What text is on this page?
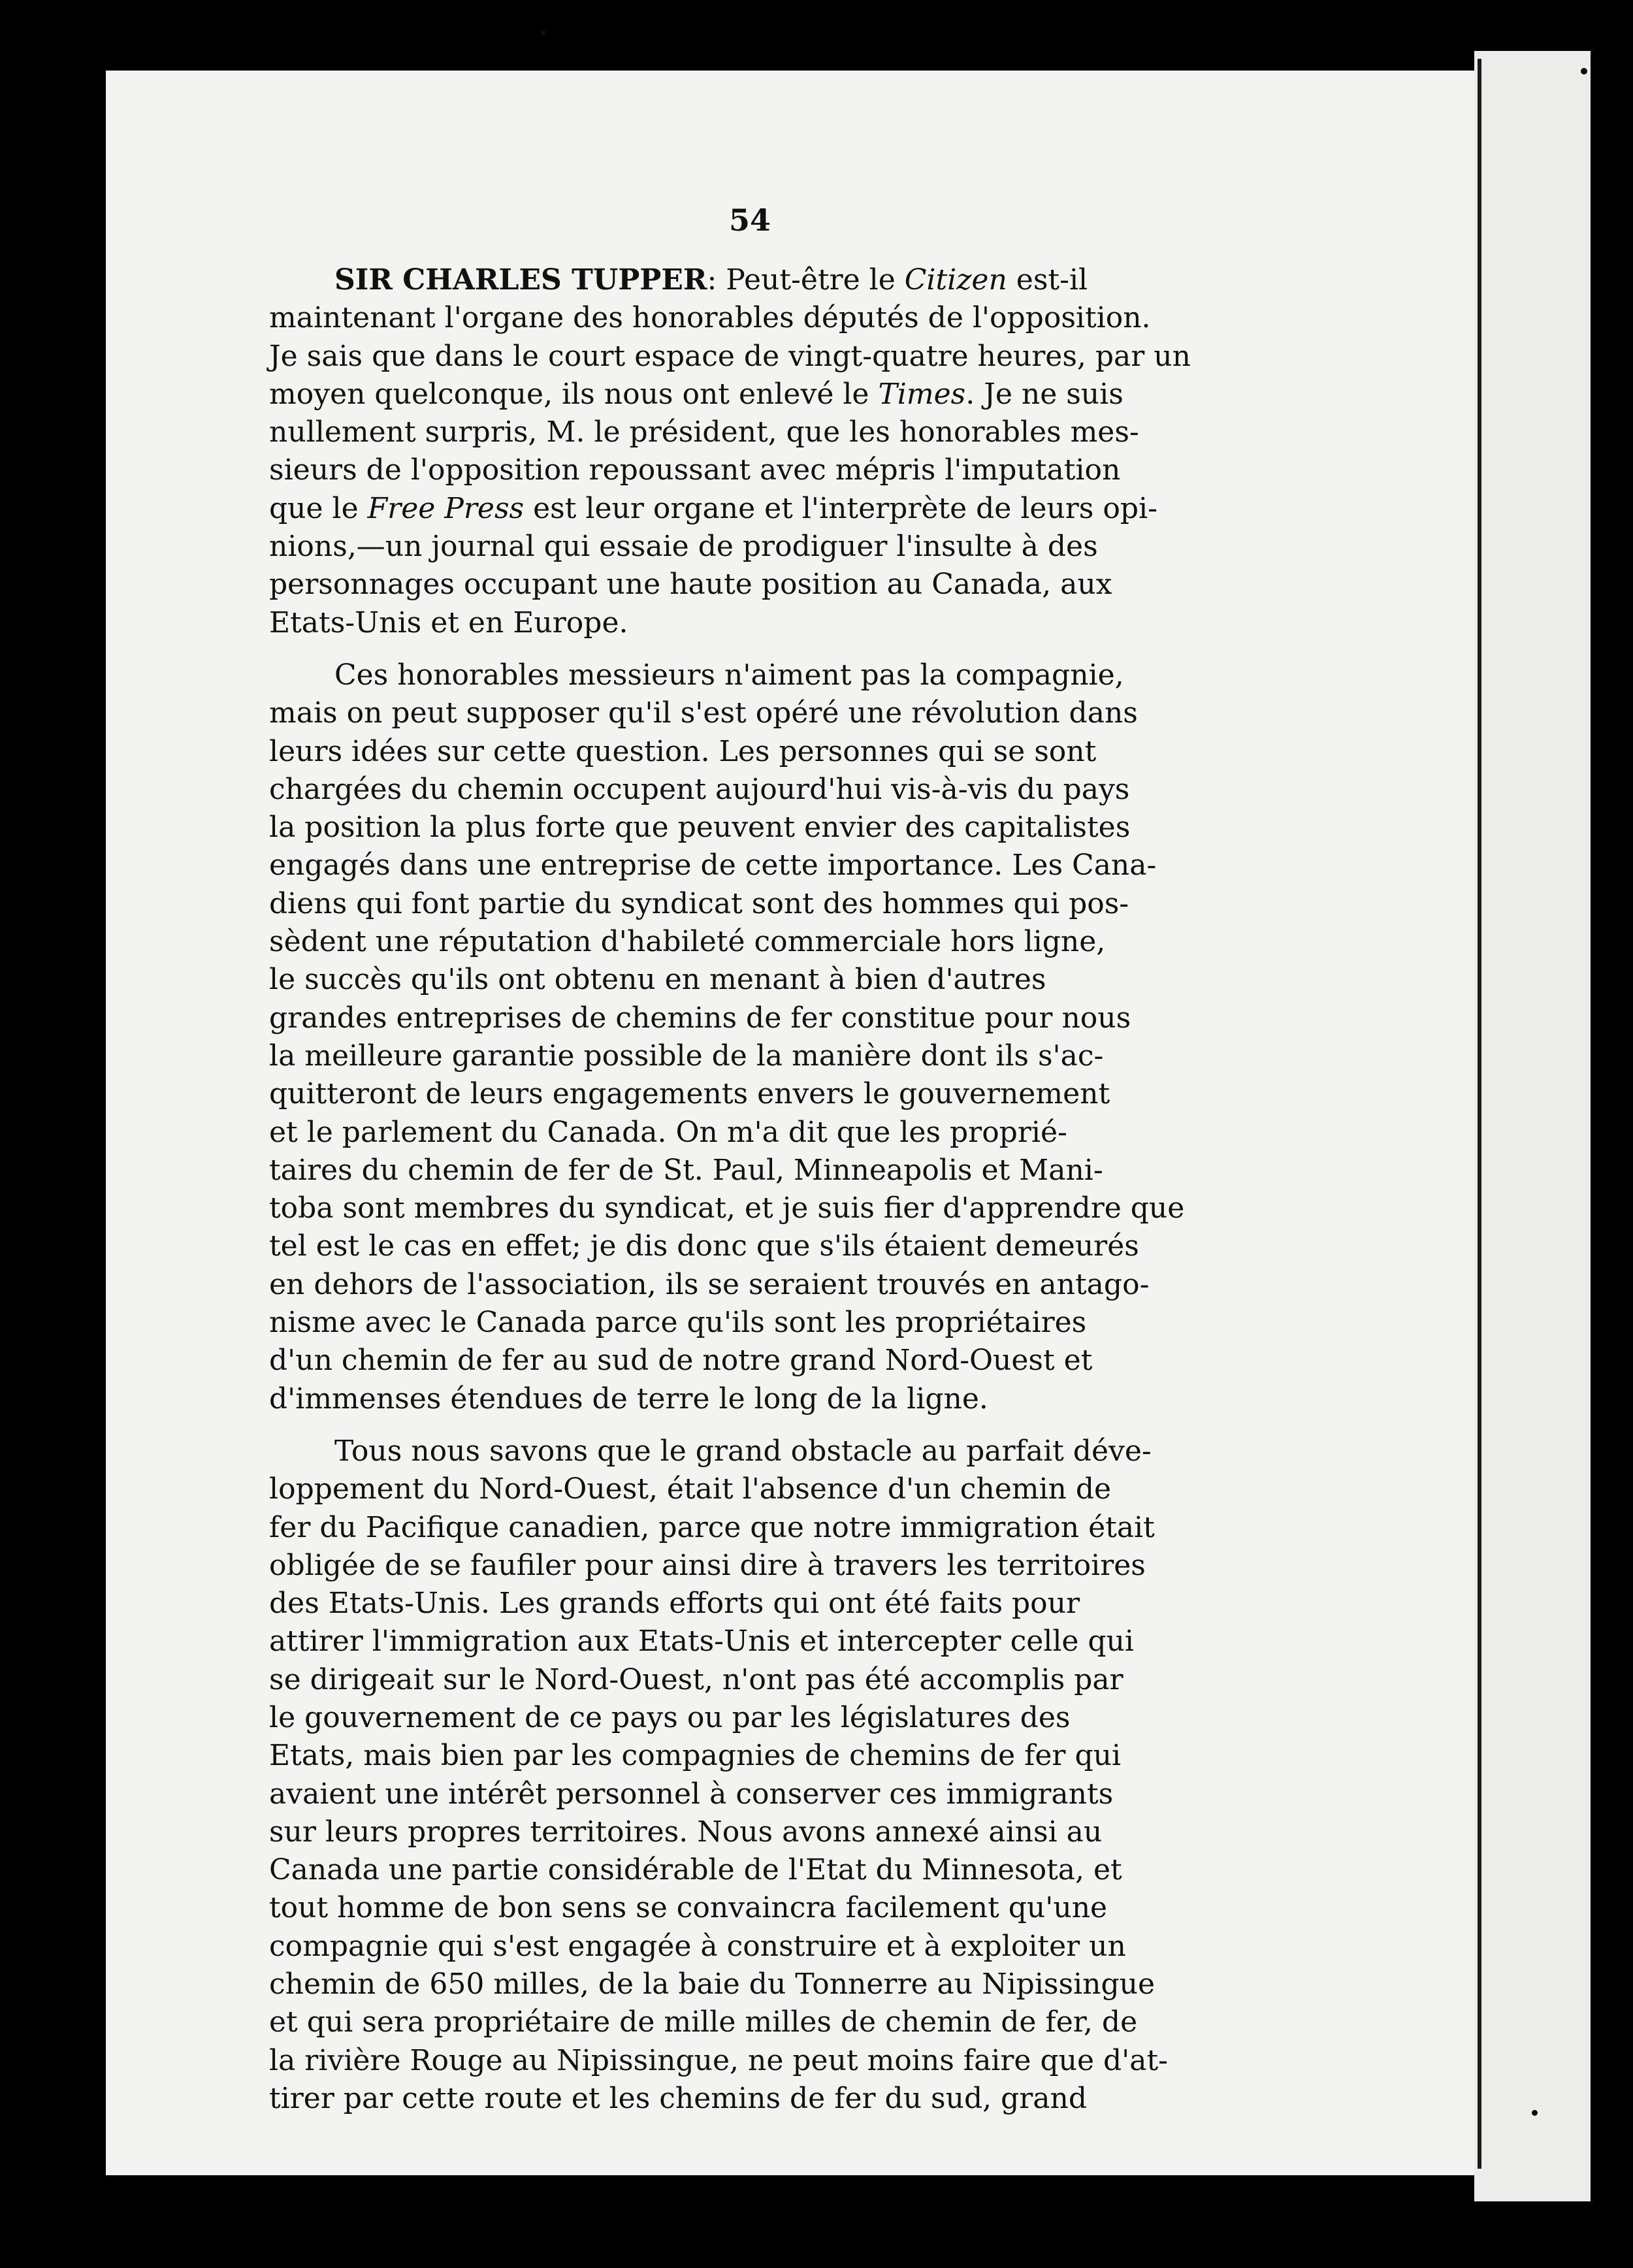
54

SIR CHARLES TUPPER: Peut-être le Citizen est-il
maintenant l'organe des honorables députés de l'opposition.
Je sais que dans le court espace de vingt-quatre heures, par un
moyen quelconque, ils nous ont enlevé le Times. Je ne suis
nullement surpris, M. le président, que les honorables mes-
sieurs de l'opposition repoussant avec mépris l'imputation
que le Free Press est leur organe et l'interprète de leurs opi-
nions,—un journal qui essaie de prodiguer l'insulte à des
personnages occupant une haute position au Canada, aux
Etats-Unis et en Europe.

Ces honorables messieurs n'aiment pas la compagnie,
mais on peut supposer qu'il s'est opéré une révolution dans
leurs idées sur cette question. Les personnes qui se sont
chargées du chemin occupent aujourd'hui vis-à-vis du pays
la position la plus forte que peuvent envier des capitalistes
engagés dans une entreprise de cette importance. Les Cana-
diens qui font partie du syndicat sont des hommes qui pos-
sèdent une réputation d'habileté commerciale hors ligne,
le succès qu'ils ont obtenu en menant à bien d'autres
grandes entreprises de chemins de fer constitue pour nous
la meilleure garantie possible de la manière dont ils s'ac-
quitteront de leurs engagements envers le gouvernement
et le parlement du Canada. On m'a dit que les proprié-
taires du chemin de fer de St. Paul, Minneapolis et Mani-
toba sont membres du syndicat, et je suis fier d'apprendre que
tel est le cas en effet; je dis donc que s'ils étaient demeurés
en dehors de l'association, ils se seraient trouvés en antago-
nisme avec le Canada parce qu'ils sont les propriétaires
d'un chemin de fer au sud de notre grand Nord-Ouest et
d'immenses étendues de terre le long de la ligne.

Tous nous savons que le grand obstacle au parfait déve-
loppement du Nord-Ouest, était l'absence d'un chemin de
fer du Pacifique canadien, parce que notre immigration était
obligée de se faufiler pour ainsi dire à travers les territoires
des Etats-Unis. Les grands efforts qui ont été faits pour
attirer l'immigration aux Etats-Unis et intercepter celle qui
se dirigeait sur le Nord-Ouest, n'ont pas été accomplis par
le gouvernement de ce pays ou par les législatures des
Etats, mais bien par les compagnies de chemins de fer qui
avaient une intérêt personnel à conserver ces immigrants
sur leurs propres territoires. Nous avons annexé ainsi au
Canada une partie considérable de l'Etat du Minnesota, et
tout homme de bon sens se convaincra facilement qu'une
compagnie qui s'est engagée à construire et à exploiter un
chemin de 650 milles, de la baie du Tonnerre au Nipissingue
et qui sera propriétaire de mille milles de chemin de fer, de
la rivière Rouge au Nipissingue, ne peut moins faire que d'at-
tirer par cette route et les chemins de fer du sud, grand
